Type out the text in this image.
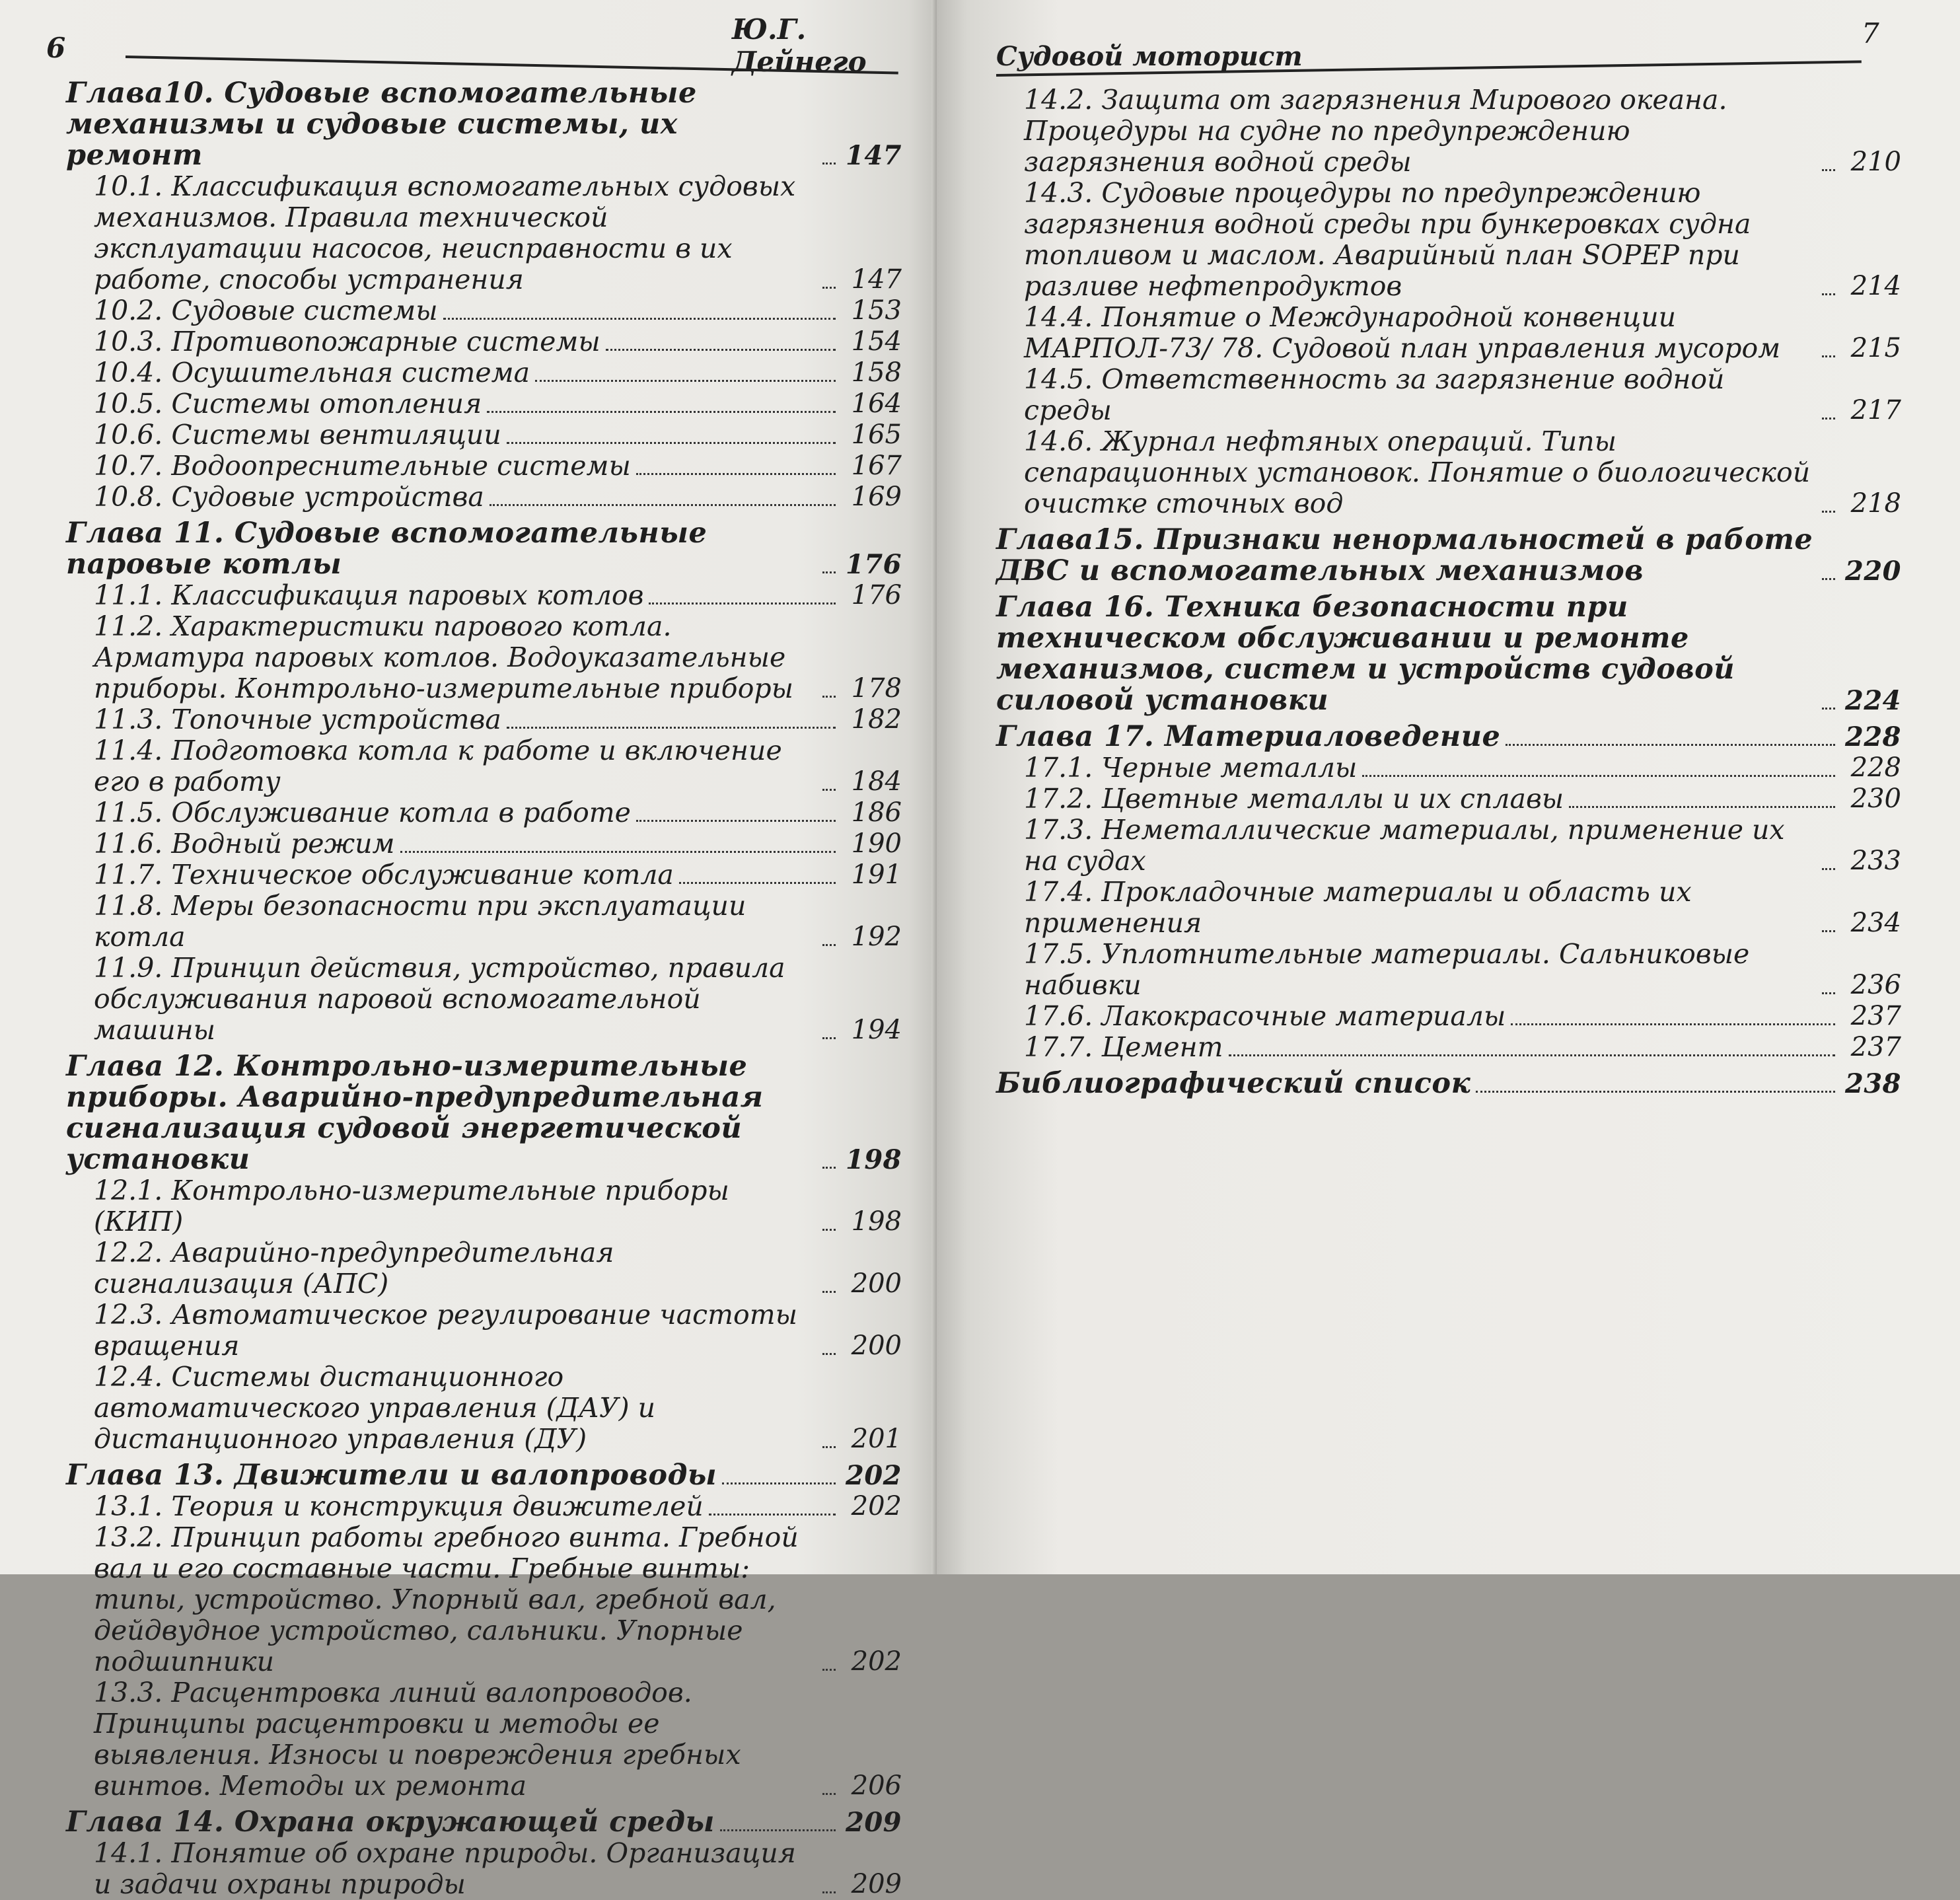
6
Ю.Г. Дейнего
Глава10. Судовые вспомогательные механизмы и судовые системы, их ремонт	147
10.1. Классификация вспомогательных судовых механизмов. Правила технической эксплуатации насосов, неисправности в их работе, способы устранения	147
10.2. Судовые системы	153
10.3. Противопожарные системы	154
10.4. Осушительная система	158
10.5. Системы отопления	164
10.6. Системы вентиляции	165
10.7. Водоопреснительные системы	167
10.8. Судовые устройства	169
Глава 11. Судовые вспомогательные паровые котлы	176
11.1. Классификация паровых котлов	176
11.2. Характеристики парового котла. Арматура паровых котлов. Водоуказательные приборы. Контрольно-измерительные приборы	178
11.3. Топочные устройства	182
11.4. Подготовка котла к работе и включение его в работу	184
11.5. Обслуживание котла в работе	186
11.6. Водный режим	190
11.7. Техническое обслуживание котла	191
11.8. Меры безопасности при эксплуатации котла	192
11.9. Принцип действия, устройство, правила обслуживания паровой вспомогательной машины	194
Глава 12. Контрольно-измерительные приборы. Аварийно-предупредительная сигнализация судовой энергетической установки	198
12.1. Контрольно-измерительные приборы (КИП)	198
12.2. Аварийно-предупредительная сигнализация (АПС)	200
12.3. Автоматическое регулирование частоты вращения	200
12.4. Системы дистанционного автоматического управления (ДАУ) и дистанционного управления (ДУ)	201
Глава 13. Движители и валопроводы	202
13.1. Теория и конструкция движителей	202
13.2. Принцип работы гребного винта. Гребной вал и его составные части. Гребные винты: типы, устройство. Упорный вал, гребной вал, дейдвудное устройство, сальники. Упорные подшипники	202
13.3. Расцентровка линий валопроводов. Принципы расцентровки и методы ее выявления. Износы и повреждения гребных винтов. Методы их ремонта	206
Глава 14. Охрана окружающей среды	209
14.1. Понятие об охране природы. Организация и задачи охраны природы	209
Судовой моторист
7
14.2. Защита от загрязнения Мирового океана. Процедуры на судне по предупреждению загрязнения водной среды	210
14.3. Судовые процедуры по предупреждению загрязнения водной среды при бункеровках судна топливом и маслом. Аварийный план SOPEP при разливе нефтепродуктов	214
14.4. Понятие о Международной конвенции МАРПОЛ-73/ 78. Судовой план управления мусором	215
14.5. Ответственность за загрязнение водной среды	217
14.6. Журнал нефтяных операций. Типы сепарационных установок. Понятие о биологической очистке сточных вод	218
Глава15. Признаки ненормальностей в работе ДВС и вспомогательных механизмов	220
Глава 16. Техника безопасности при техническом обслуживании и ремонте механизмов, систем и устройств судовой силовой установки	224
Глава 17. Материаловедение	228
17.1. Черные металлы	228
17.2. Цветные металлы и их сплавы	230
17.3. Неметаллические материалы, применение их на судах	233
17.4. Прокладочные материалы и область их применения	234
17.5. Уплотнительные материалы. Сальниковые набивки	236
17.6. Лакокрасочные материалы	237
17.7. Цемент	237
Библиографический список	238
